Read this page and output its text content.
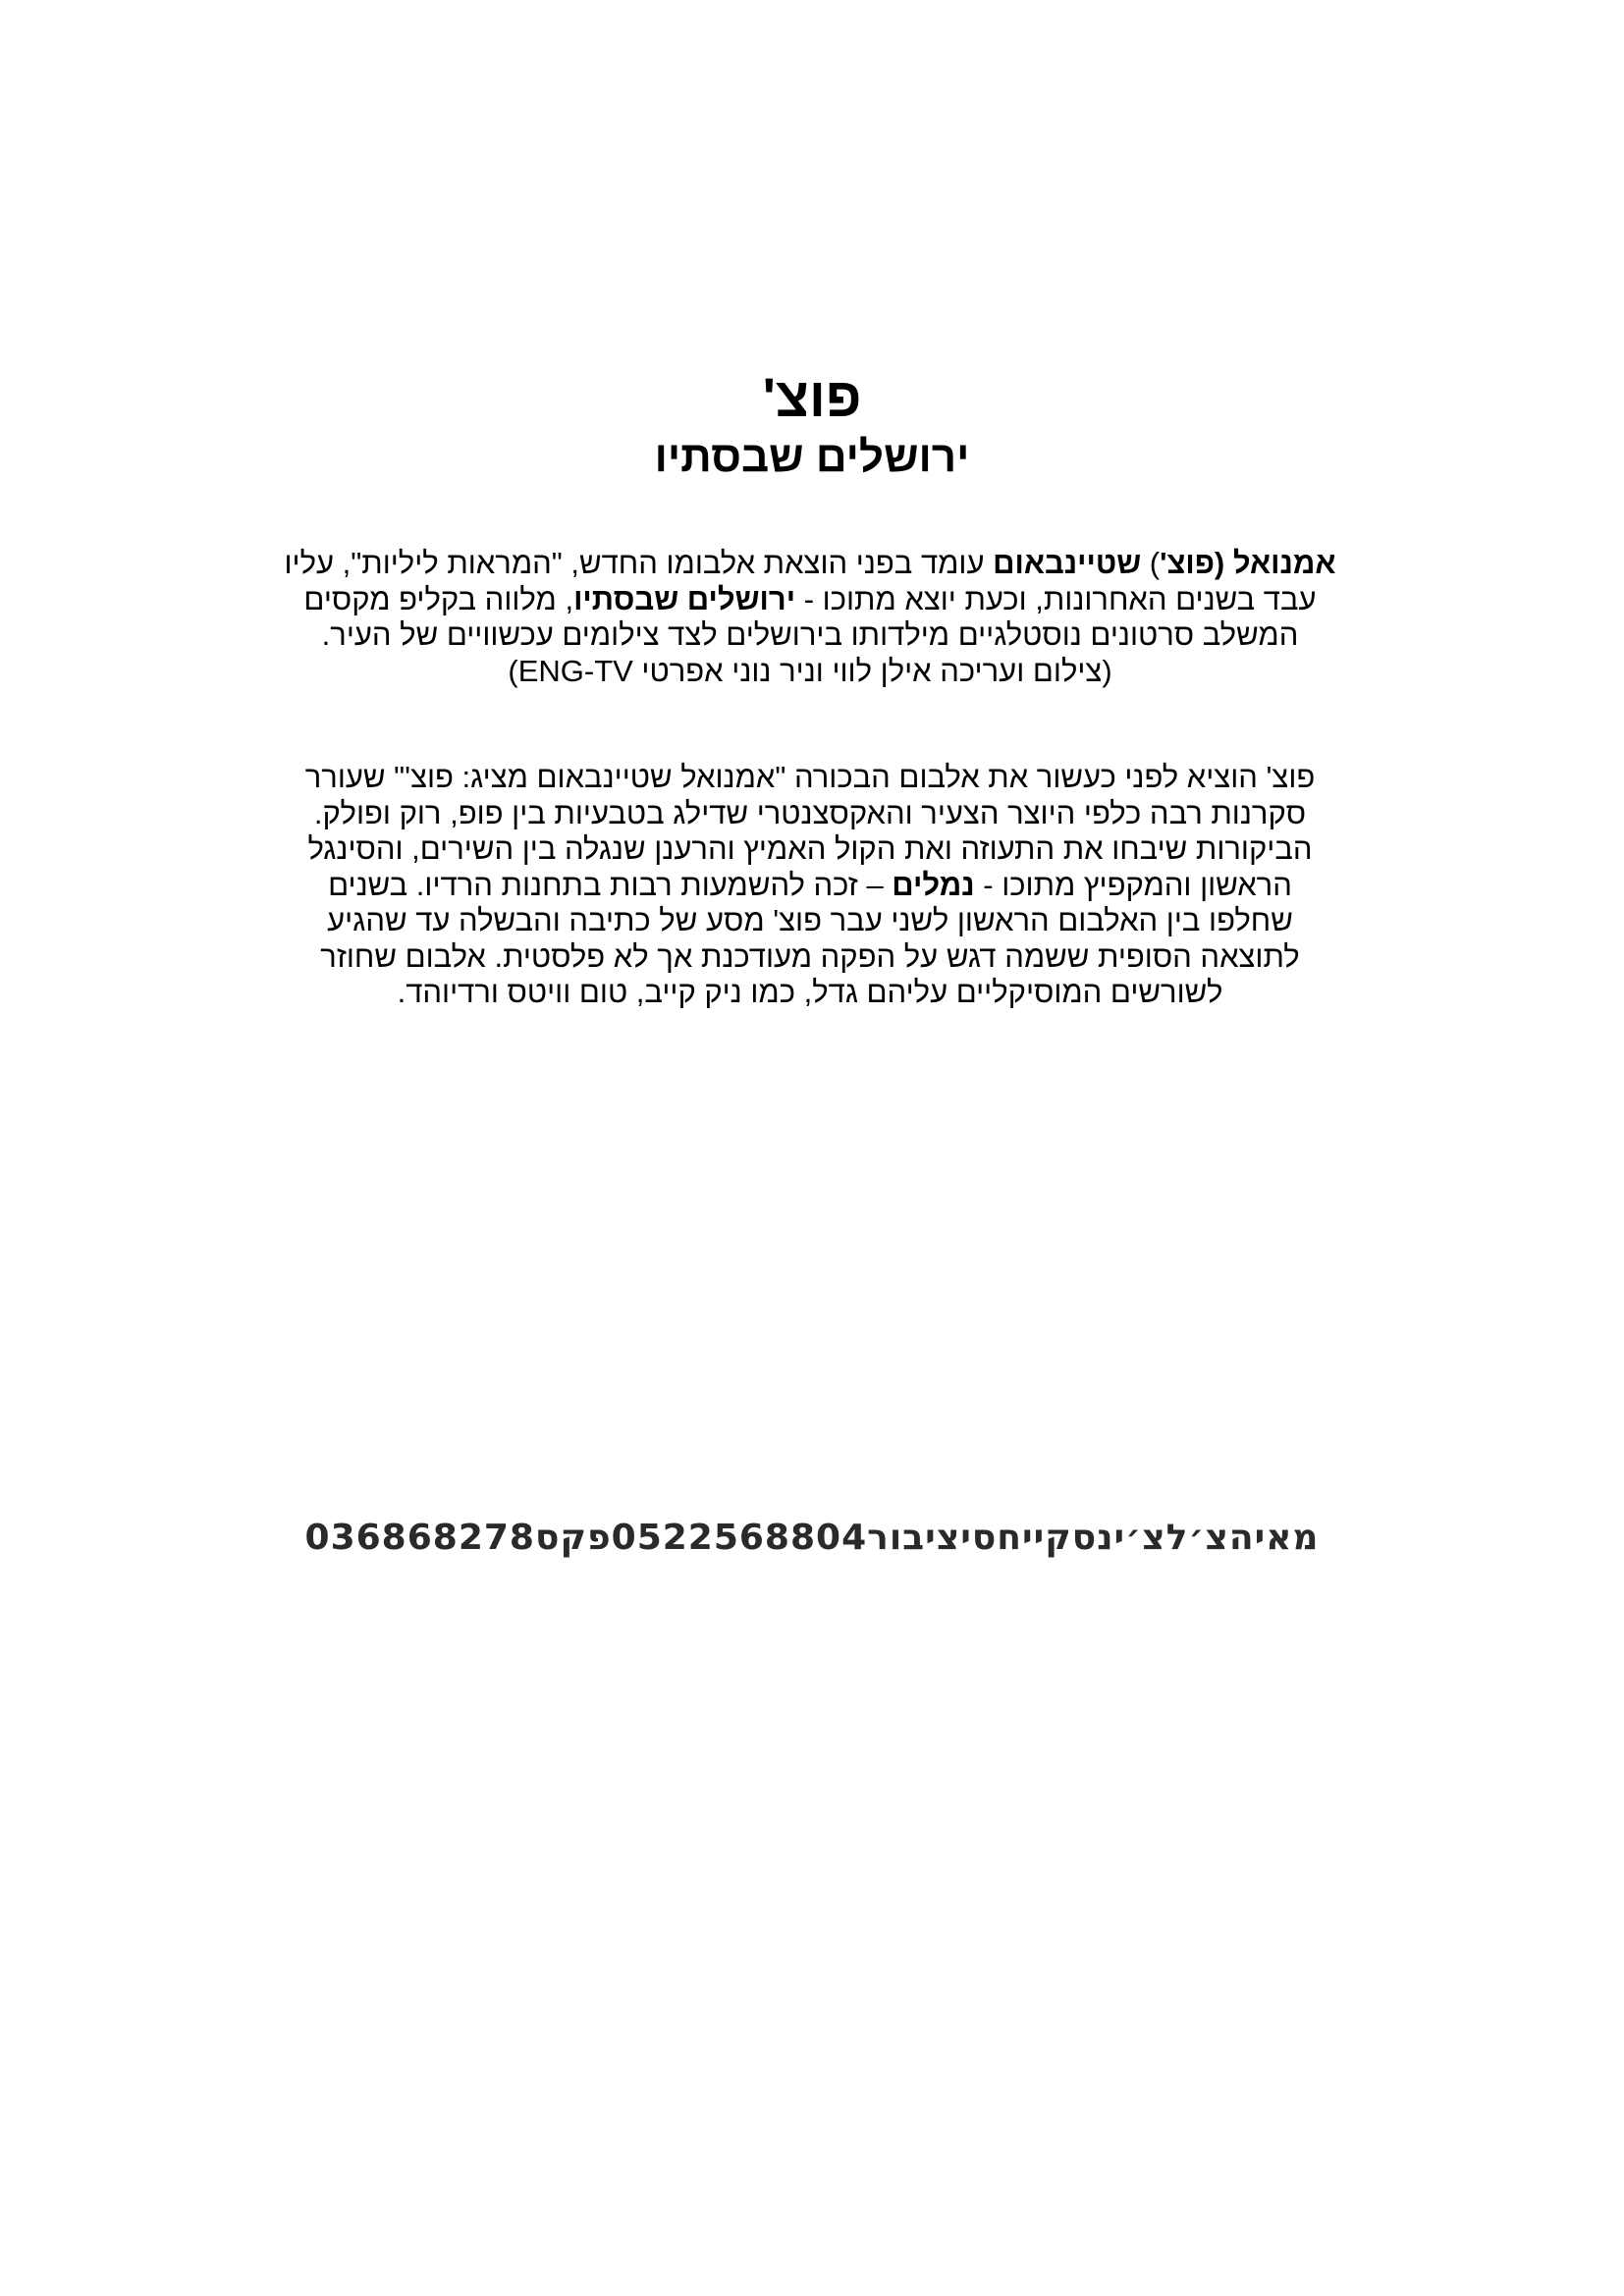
פוצ'
ירושלים שבסתיו
אמנואל (פוצ') שטיינבאום עומד בפני הוצאת אלבומו החדש, "המראות ליליות", עליו
עבד בשנים האחרונות, וכעת יוצא מתוכו - ירושלים שבסתיו, מלווה בקליפ מקסים
המשלב סרטונים נוסטלגיים מילדותו בירושלים לצד צילומים עכשוויים של העיר.
(צילום ועריכה אילן לווי וניר נוני אפרטי ENG-TV)
פוצ' הוציא לפני כעשור את אלבום הבכורה "אמנואל שטיינבאום מציג: פוצ'" שעורר
סקרנות רבה כלפי היוצר הצעיר והאקסצנטרי שדילג בטבעיות בין פופ, רוק ופולק.
הביקורות שיבחו את התעוזה ואת הקול האמיץ והרענן שנגלה בין השירים, והסינגל
הראשון והמקפיץ מתוכו - נמלים – זכה להשמעות רבות בתחנות הרדיו. בשנים
שחלפו בין האלבום הראשון לשני עבר פוצ' מסע של כתיבה והבשלה עד שהגיע
לתוצאה הסופית ששמה דגש על הפקה מעודכנת אך לא פלסטית. אלבום שחוזר
לשורשים המוסיקליים עליהם גדל, כמו ניק קייב, טום וויטס ורדיוהד.
מאיהצ׳לצ׳ינסקייחסיציבור0522568804פקס036868278
